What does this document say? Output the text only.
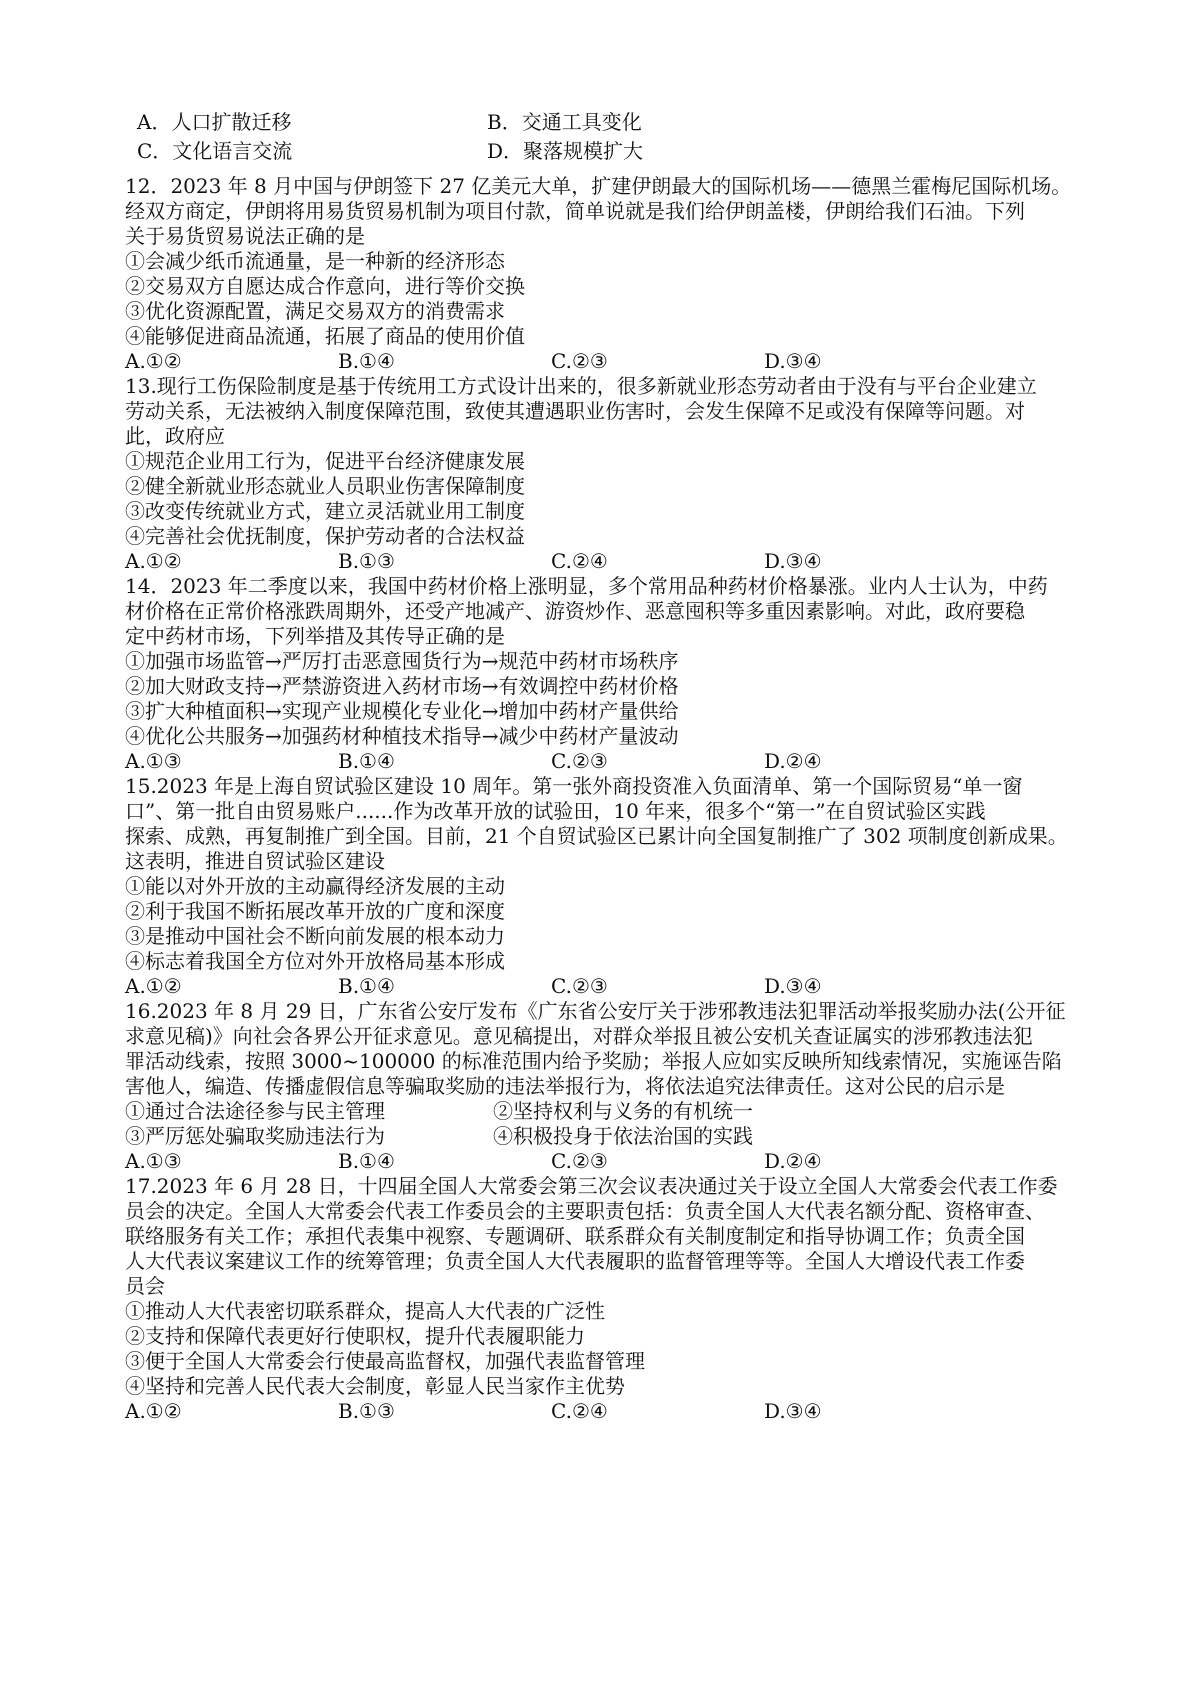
A．人口扩散迁移	B．交通工具变化
C．文化语言交流	D．聚落规模扩大
12．2023 年 8 月中国与伊朗签下 27 亿美元大单，扩建伊朗最大的国际机场——德黑兰霍梅尼国际机场。
经双方商定，伊朗将用易货贸易机制为项目付款，简单说就是我们给伊朗盖楼，伊朗给我们石油。下列
关于易货贸易说法正确的是
①会减少纸币流通量，是一种新的经济形态
②交易双方自愿达成合作意向，进行等价交换
③优化资源配置，满足交易双方的消费需求
④能够促进商品流通，拓展了商品的使用价值
A.①②	B.①④	C.②③	D.③④
13.现行工伤保险制度是基于传统用工方式设计出来的，很多新就业形态劳动者由于没有与平台企业建立
劳动关系，无法被纳入制度保障范围，致使其遭遇职业伤害时，会发生保障不足或没有保障等问题。对
此，政府应
①规范企业用工行为，促进平台经济健康发展
②健全新就业形态就业人员职业伤害保障制度
③改变传统就业方式，建立灵活就业用工制度
④完善社会优抚制度，保护劳动者的合法权益
A.①②	B.①③	C.②④	D.③④
14．2023 年二季度以来，我国中药材价格上涨明显，多个常用品种药材价格暴涨。业内人士认为，中药
材价格在正常价格涨跌周期外，还受产地减产、游资炒作、恶意囤积等多重因素影响。对此，政府要稳
定中药材市场，下列举措及其传导正确的是
①加强市场监管→严厉打击恶意囤货行为→规范中药材市场秩序
②加大财政支持→严禁游资进入药材市场→有效调控中药材价格
③扩大种植面积→实现产业规模化专业化→增加中药材产量供给
④优化公共服务→加强药材种植技术指导→减少中药材产量波动
A.①③	B.①④	C.②③	D.②④
15.2023 年是上海自贸试验区建设 10 周年。第一张外商投资准入负面清单、第一个国际贸易“单一窗
口”、第一批自由贸易账户......作为改革开放的试验田，10 年来，很多个“第一”在自贸试验区实践
探索、成熟，再复制推广到全国。目前，21 个自贸试验区已累计向全国复制推广了 302 项制度创新成果。
这表明，推进自贸试验区建设
①能以对外开放的主动赢得经济发展的主动
②利于我国不断拓展改革开放的广度和深度
③是推动中国社会不断向前发展的根本动力
④标志着我国全方位对外开放格局基本形成
A.①②	B.①④	C.②③	D.③④
16.2023 年 8 月 29 日，广东省公安厅发布《广东省公安厅关于涉邪教违法犯罪活动举报奖励办法(公开征
求意见稿)》向社会各界公开征求意见。意见稿提出，对群众举报且被公安机关查证属实的涉邪教违法犯
罪活动线索，按照 3000~100000 的标准范围内给予奖励；举报人应如实反映所知线索情况，实施诬告陷
害他人，编造、传播虚假信息等骗取奖励的违法举报行为，将依法追究法律责任。这对公民的启示是
①通过合法途径参与民主管理	②坚持权利与义务的有机统一
③严厉惩处骗取奖励违法行为	④积极投身于依法治国的实践
A.①③	B.①④	C.②③	D.②④
17.2023 年 6 月 28 日，十四届全国人大常委会第三次会议表决通过关于设立全国人大常委会代表工作委
员会的决定。全国人大常委会代表工作委员会的主要职责包括：负责全国人大代表名额分配、资格审查、
联络服务有关工作；承担代表集中视察、专题调研、联系群众有关制度制定和指导协调工作；负责全国
人大代表议案建议工作的统筹管理；负责全国人大代表履职的监督管理等等。全国人大增设代表工作委
员会
①推动人大代表密切联系群众，提高人大代表的广泛性
②支持和保障代表更好行使职权，提升代表履职能力
③便于全国人大常委会行使最高监督权，加强代表监督管理
④坚持和完善人民代表大会制度，彰显人民当家作主优势
A.①②	B.①③	C.②④	D.③④
